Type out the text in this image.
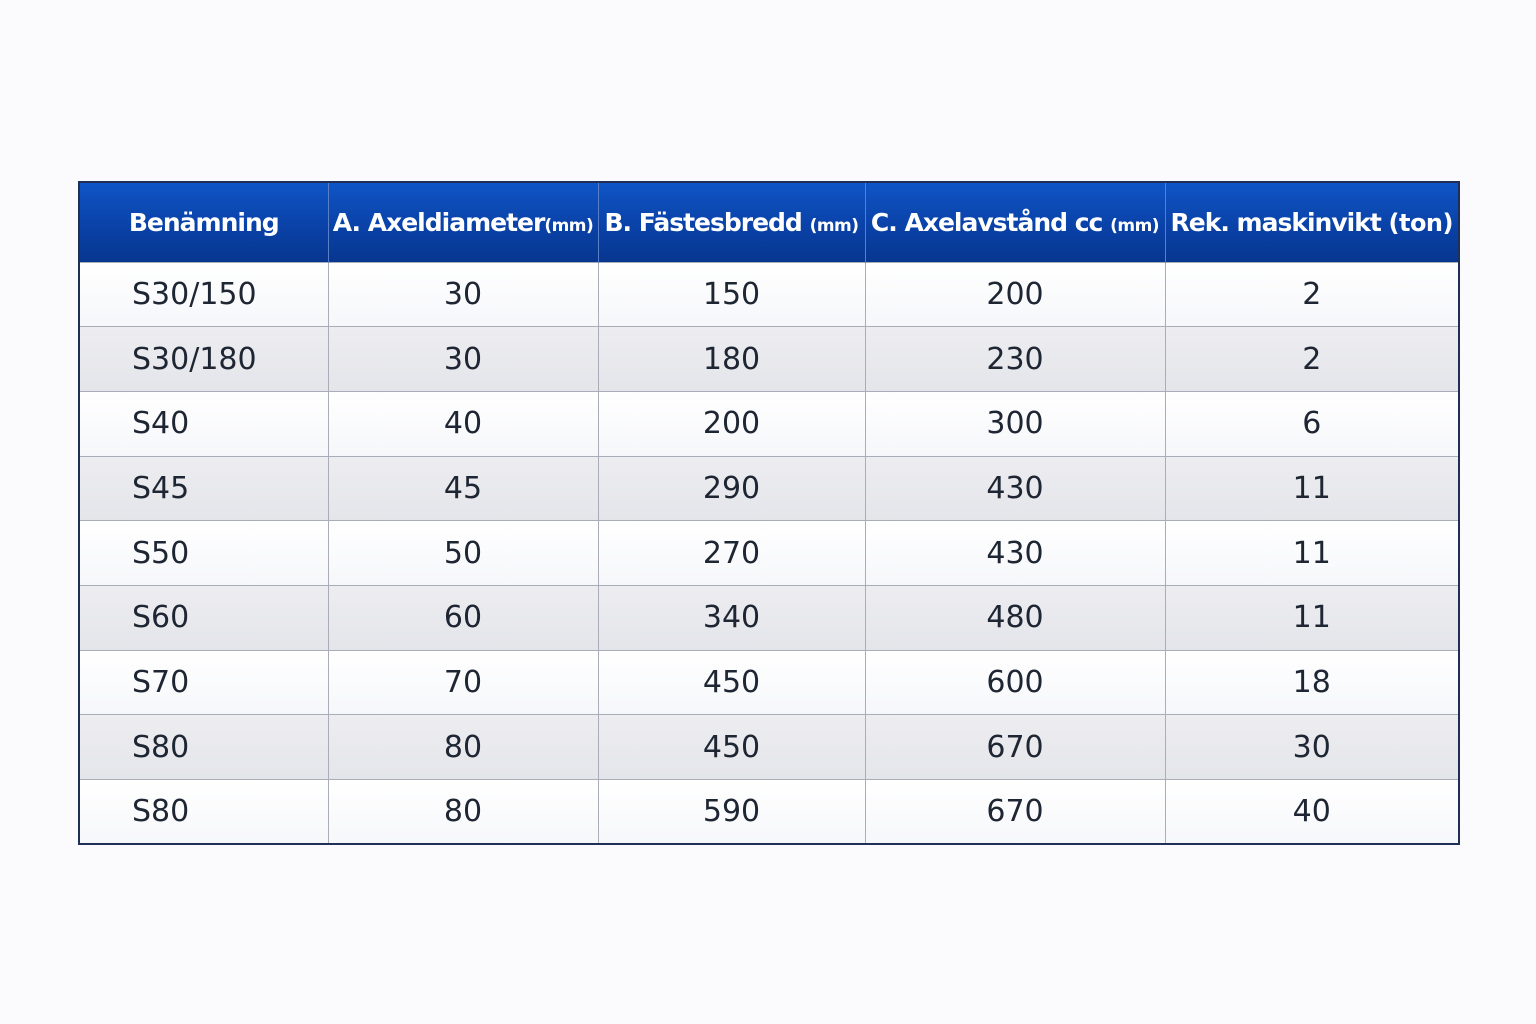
Benämning	A. Axeldiameter(mm)	B. Fästesbredd (mm)	C. Axelavstånd cc (mm)	Rek. maskinvikt (ton)
S30/150	30	150	200	2
S30/180	30	180	230	2
S40	40	200	300	6
S45	45	290	430	11
S50	50	270	430	11
S60	60	340	480	11
S70	70	450	600	18
S80	80	450	670	30
S80	80	590	670	40
